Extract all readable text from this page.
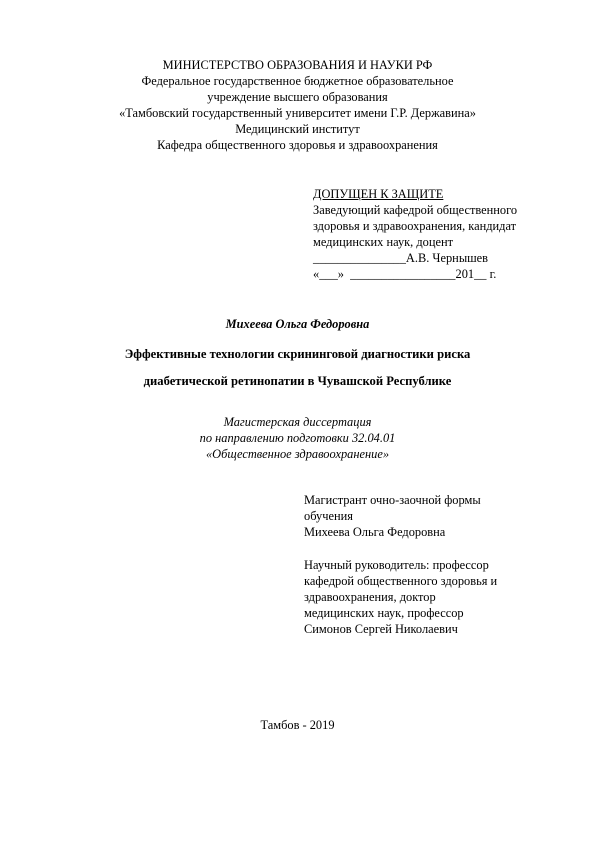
МИНИСТЕРСТВО ОБРАЗОВАНИЯ И НАУКИ РФ
Федеральное государственное бюджетное образовательное
учреждение высшего образования
«Тамбовский государственный университет имени Г.Р. Державина»
Медицинский институт
Кафедра общественного здоровья и здравоохранения
ДОПУЩЕН К ЗАЩИТЕ
Заведующий кафедрой общественного
здоровья и здравоохранения, кандидат
медицинских наук, доцент
_______________А.В. Чернышев
«___»  _________________201__ г.
Михеева Ольга Федоровна
Эффективные технологии скрининговой диагностики риска
диабетической ретинопатии в Чувашской Республике
Магистерская диссертация
по направлению подготовки 32.04.01
«Общественное здравоохранение»
Магистрант очно-заочной формы
обучения
Михеева Ольга Федоровна
Научный руководитель: профессор
кафедрой общественного здоровья и
здравоохранения, доктор
медицинских наук, профессор
Симонов Сергей Николаевич
Тамбов - 2019
